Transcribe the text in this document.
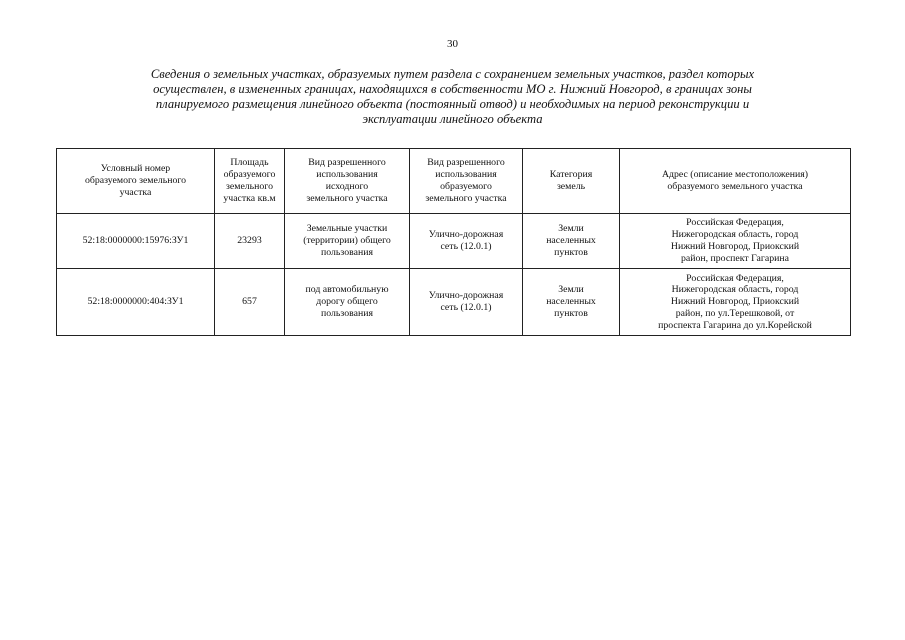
30
Сведения о земельных участках, образуемых путем раздела с сохранением земельных участков, раздел которых
осуществлен, в измененных границах, находящихся в собственности МО г. Нижний Новгород, в границах зоны
планируемого размещения линейного объекта (постоянный отвод) и необходимых на период реконструкции и
эксплуатации линейного объекта
Условный номер
образуемого земельного
участка	Площадь
образуемого
земельного
участка кв.м	Вид разрешенного
использования
исходного
земельного участка	Вид разрешенного
использования
образуемого
земельного участка	Категория
земель	Адрес (описание местоположения)
образуемого земельного участка

52:18:0000000:15976:ЗУ1	23293	Земельные участки
(территории) общего
пользования	Улично-дорожная
сеть (12.0.1)	Земли
населенных
пунктов	Российская Федерация,
Нижегородская область, город
Нижний Новгород, Приокский
район, проспект Гагарина

52:18:0000000:404:ЗУ1	657	под автомобильную
дорогу общего
пользования	Улично-дорожная
сеть (12.0.1)	Земли
населенных
пунктов	Российская Федерация,
Нижегородская область, город
Нижний Новгород, Приокский
район, по ул.Терешковой, от
проспекта Гагарина до ул.Корейской
